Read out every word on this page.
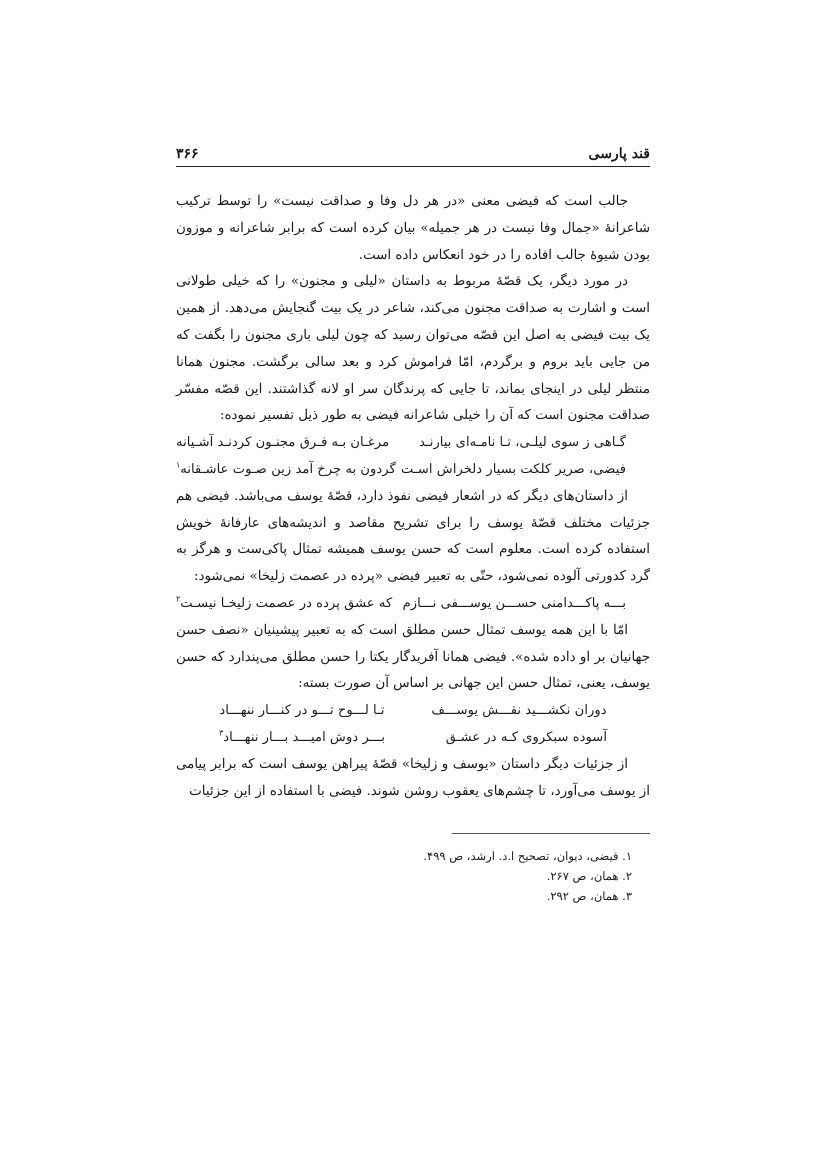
قند پارسی
۳۶۶

جالب است که فیضی معنی «در هر دل وفا و صداقت نیست» را توسط ترکیب شاعرانهٔ «جمال وفا نیست در هر جمیله» بیان کرده است که برابر شاعرانه و موزون بودن شیوهٔ جالب افاده را در خود انعکاس داده است.

در مورد دیگر، یک قصّهٔ مربوط به داستان «لیلی و مجنون» را که خیلی طولانی است و اشارت به صداقت مجنون می‌کند، شاعر در یک بیت گنجایش می‌دهد. از همین یک بیت فیضی به اصل این قصّه می‌توان رسید که چون لیلی باری مجنون را بگفت که من جایی باید بروم و برگردم، امّا فراموش کرد و بعد سالی برگشت. مجنون همانا منتظر لیلی در اینجای بماند، تا جایی که پرندگان سر او لانه گذاشتند. این قصّه مفسّر صداقت مجنون است که آن را خیلی شاعرانه فیضی به طور ذیل تفسیر نموده:

گـاهی ز سوی لیلـی، تـا نامـه‌ای بیارنـد
مرغـان بـه فـرق مجنـون کردنـد آشـیانه
فیضی، صریر کلکت بسیار دلخراش اسـت
گردون به چرخ آمد زین صـوت عاشـقانه$^۱$

از داستان‌های دیگر که در اشعار فیضی نفوذ دارد، قصّهٔ یوسف می‌باشد. فیضی هم جزئیات مختلف قصّهٔ یوسف را برای تشریح مقاصد و اندیشه‌های عارفانهٔ خویش استفاده کرده است. معلوم است که حسن یوسف همیشه تمثال پاکی‌ست و هرگز به گرد کدورتی آلوده نمی‌شود، حتّی به تعبیر فیضی «پرده در عصمت زلیخا» نمی‌شود:

بـــه پاکـــدامنی حســـن یوســـفی نـــازم
که عشق پرده در عصمت زلیخـا نیسـت$^۲$

امّا با این همه یوسف تمثال حسن مطلق است که به تعبیر پیشینیان «نصف حسن جهانیان بر او داده شده». فیضی همانا آفریدگار یکتا را حسن مطلق می‌پندارد که حسن یوسف، یعنی، تمثال حسن این جهانی بر اساس آن صورت بسته:

دوران نکشـــید نقـــش یوســـف
تـا لـــوح تـــو در کنـــار ننهـــاد
آسوده سبکروی کـه در عشـق
بـــر دوش امیـــد بـــار ننهـــاد$^۳$

از جزئیات دیگر داستان «یوسف و زلیخا» قصّهٔ پیراهن یوسف است که برابر پیامی از یوسف می‌آورد، تا چشم‌های یعقوب روشن شوند. فیضی با استفاده از این جزئیات

۱. فیضی، دیوان، تصحیح ا.د. ارشد، ص ۴۹۹.
۲. همان، ص ۲۶۷.
۳. همان، ص ۲۹۲.
